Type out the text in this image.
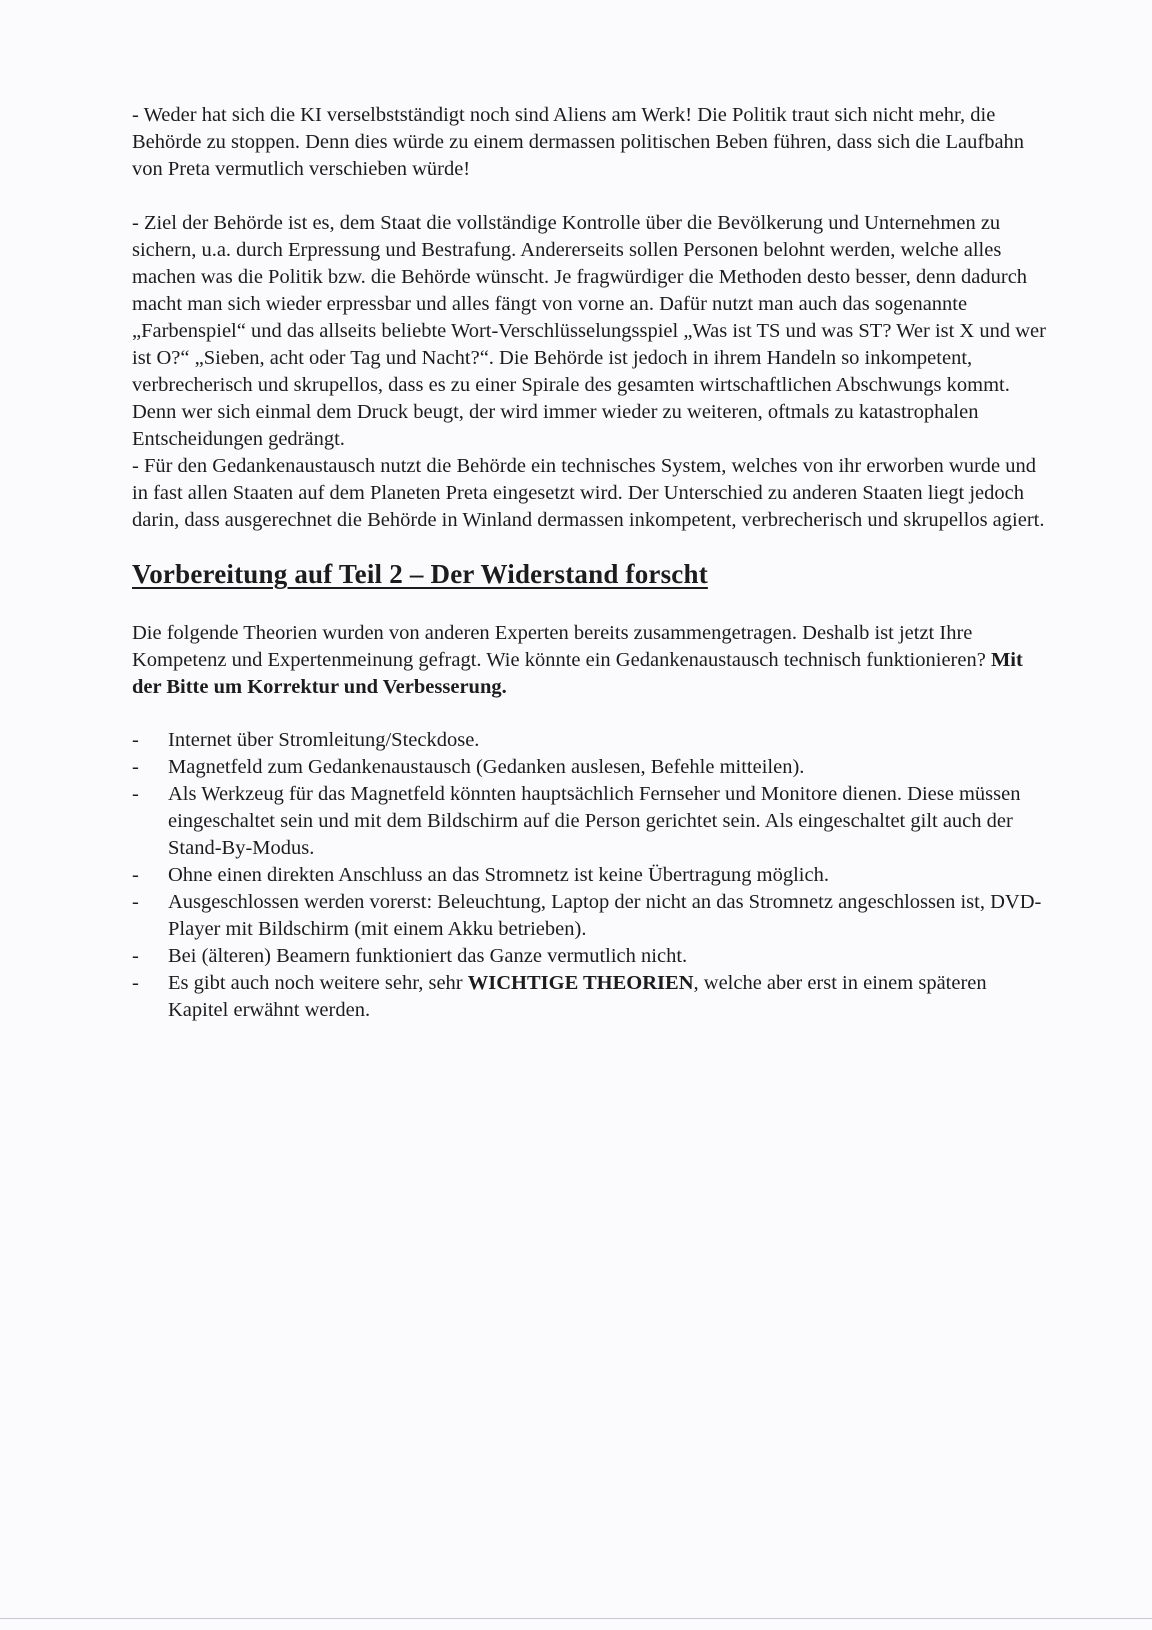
- Weder hat sich die KI verselbstständigt noch sind Aliens am Werk! Die Politik traut sich nicht mehr, die Behörde zu stoppen. Denn dies würde zu einem dermassen politischen Beben führen, dass sich die Laufbahn von Preta vermutlich verschieben würde!

- Ziel der Behörde ist es, dem Staat die vollständige Kontrolle über die Bevölkerung und Unternehmen zu sichern, u.a. durch Erpressung und Bestrafung. Andererseits sollen Personen belohnt werden, welche alles machen was die Politik bzw. die Behörde wünscht. Je fragwürdiger die Methoden desto besser, denn dadurch macht man sich wieder erpressbar und alles fängt von vorne an. Dafür nutzt man auch das sogenannte „Farbenspiel“ und das allseits beliebte Wort-Verschlüsselungsspiel „Was ist TS und was ST? Wer ist X und wer ist O?“ „Sieben, acht oder Tag und Nacht?“. Die Behörde ist jedoch in ihrem Handeln so inkompetent, verbrecherisch und skrupellos, dass es zu einer Spirale des gesamten wirtschaftlichen Abschwungs kommt. Denn wer sich einmal dem Druck beugt, der wird immer wieder zu weiteren, oftmals zu katastrophalen Entscheidungen gedrängt.

- Für den Gedankenaustausch nutzt die Behörde ein technisches System, welches von ihr erworben wurde und in fast allen Staaten auf dem Planeten Preta eingesetzt wird. Der Unterschied zu anderen Staaten liegt jedoch darin, dass ausgerechnet die Behörde in Winland dermassen inkompetent, verbrecherisch und skrupellos agiert.

Vorbereitung auf Teil 2 – Der Widerstand forscht

Die folgende Theorien wurden von anderen Experten bereits zusammengetragen. Deshalb ist jetzt Ihre Kompetenz und Expertenmeinung gefragt. Wie könnte ein Gedankenaustausch technisch funktionieren? Mit der Bitte um Korrektur und Verbesserung.

- Internet über Stromleitung/Steckdose.
- Magnetfeld zum Gedankenaustausch (Gedanken auslesen, Befehle mitteilen).
- Als Werkzeug für das Magnetfeld könnten hauptsächlich Fernseher und Monitore dienen. Diese müssen eingeschaltet sein und mit dem Bildschirm auf die Person gerichtet sein. Als eingeschaltet gilt auch der Stand-By-Modus.
- Ohne einen direkten Anschluss an das Stromnetz ist keine Übertragung möglich.
- Ausgeschlossen werden vorerst: Beleuchtung, Laptop der nicht an das Stromnetz angeschlossen ist, DVD-Player mit Bildschirm (mit einem Akku betrieben).
- Bei (älteren) Beamern funktioniert das Ganze vermutlich nicht.
- Es gibt auch noch weitere sehr, sehr WICHTIGE THEORIEN, welche aber erst in einem späteren Kapitel erwähnt werden.
